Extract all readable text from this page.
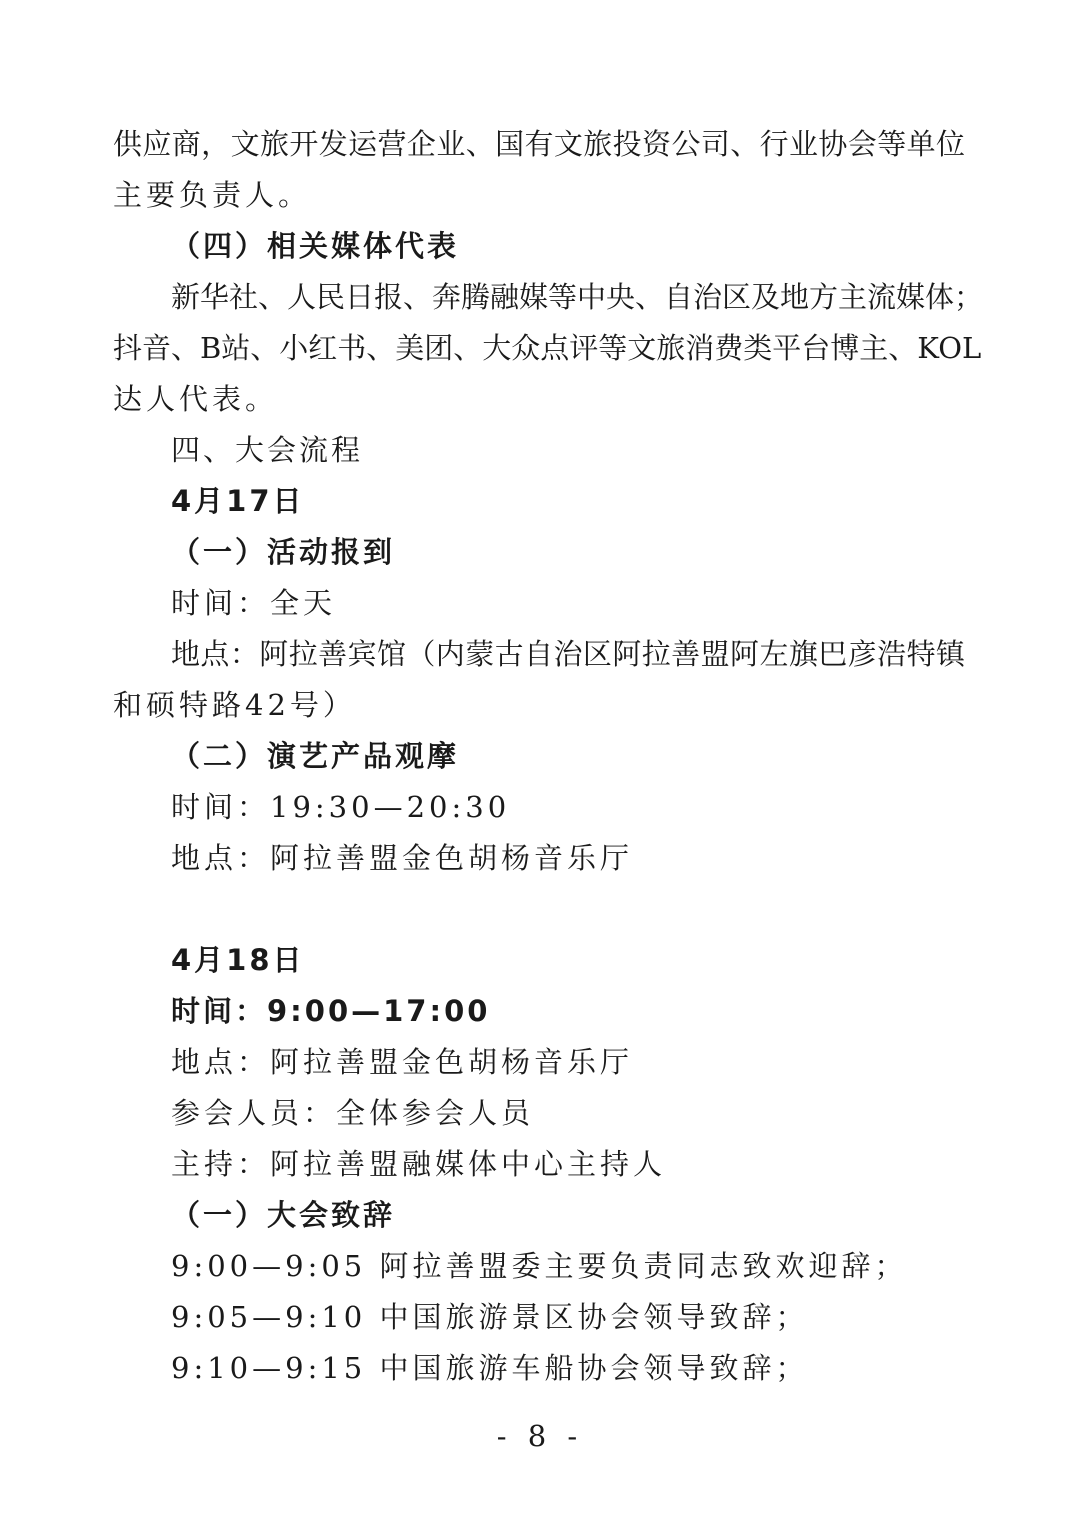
供应商，文旅开发运营企业、国有文旅投资公司、行业协会等单位
主要负责人。
（四）相关媒体代表
新华社、人民日报、奔腾融媒等中央、自治区及地方主流媒体；
抖音、B站、小红书、美团、大众点评等文旅消费类平台博主、KOL
达人代表。
四、大会流程
4月17日
（一）活动报到
时间：全天
地点：阿拉善宾馆（内蒙古自治区阿拉善盟阿左旗巴彦浩特镇
和硕特路42号）
（二）演艺产品观摩
时间：19:30—20:30
地点：阿拉善盟金色胡杨音乐厅
4月18日
时间：9:00—17:00
地点：阿拉善盟金色胡杨音乐厅
参会人员：全体参会人员
主持：阿拉善盟融媒体中心主持人
（一）大会致辞
9:00—9:05 阿拉善盟委主要负责同志致欢迎辞；
9:05—9:10 中国旅游景区协会领导致辞；
9:10—9:15 中国旅游车船协会领导致辞；
- 8 -
